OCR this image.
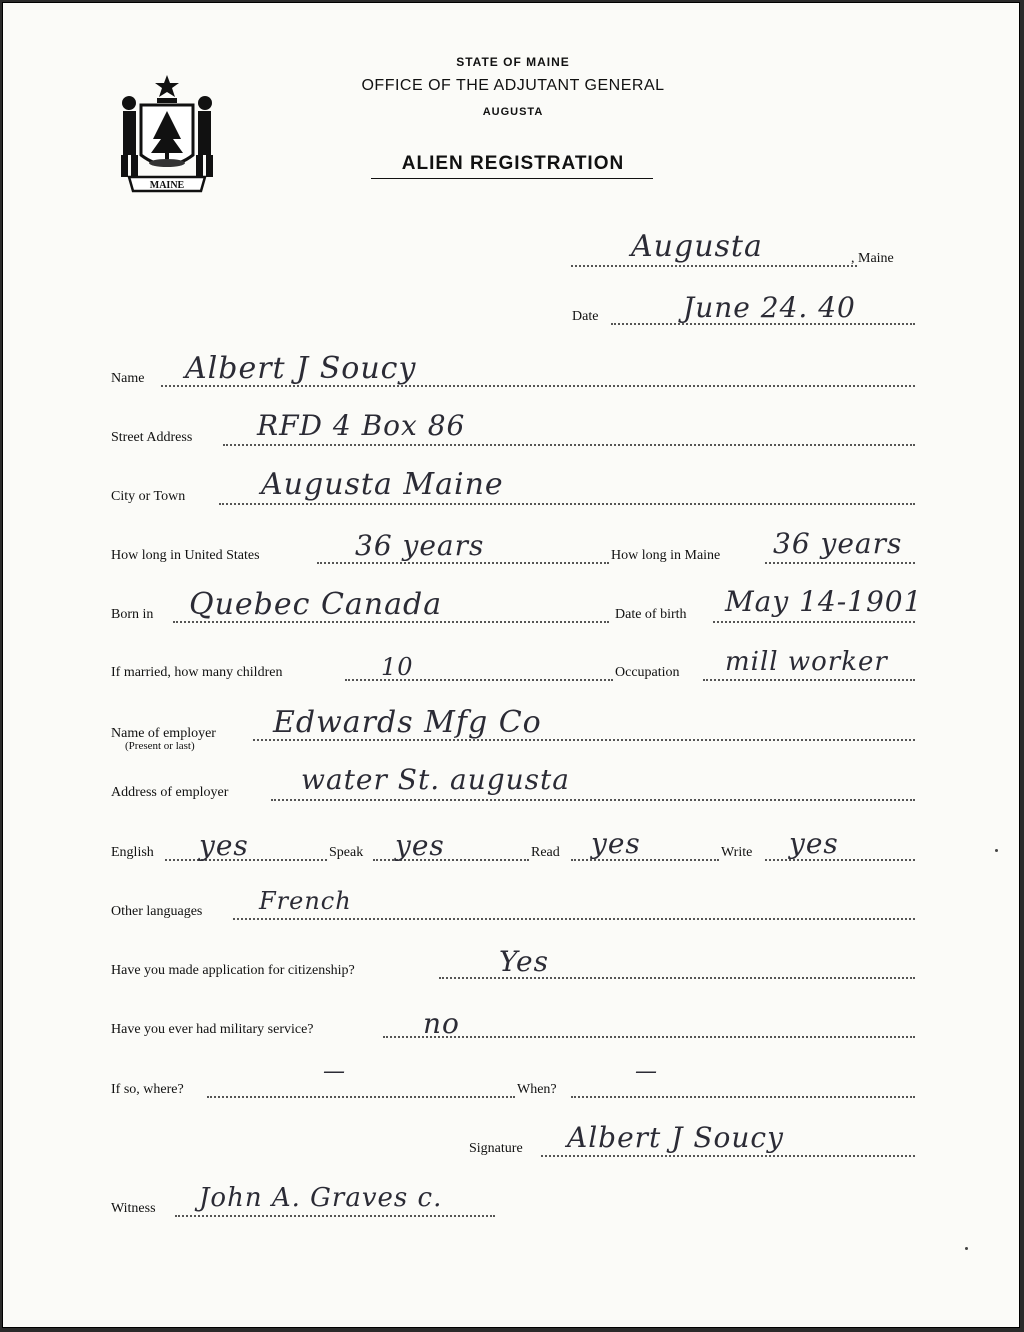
MAINE
STATE OF MAINE
OFFICE OF THE ADJUTANT GENERAL
AUGUSTA
ALIEN REGISTRATION
Augusta	, Maine
Date	June 24. 40
Name Albert J Soucy
Street Address RFD 4 Box 86
City or Town	Augusta Maine
How long in United States	36 years	How long in Maine 36 years
Born in Quebec Canada	Date of birth May 14-1901
If married, how many children	10	Occupation mill worker
Name of employer
(Present or last)
Edwards Mfg Co
Address of employer	water St. augusta
English yes	Speak yes	Read yes	Write yes
Other languages French
Have you made application for citizenship?	Yes
Have you ever had military service?	no
If so, where?
—
When?
—
Signature Albert J Soucy
Witness John A. Graves c.
